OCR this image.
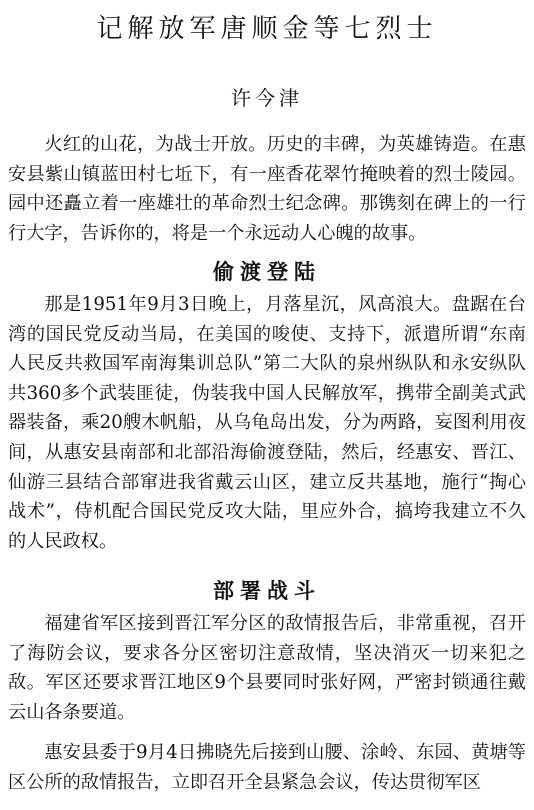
记解放军唐顺金等七烈士

许今津

火红的山花，为战士开放。历史的丰碑，为英雄铸造。在惠安县紫山镇蓝田村七坵下，有一座香花翠竹掩映着的烈士陵园。园中还矗立着一座雄壮的革命烈士纪念碑。那镌刻在碑上的一行行大字，告诉你的，将是一个永远动人心魄的故事。

偷渡登陆

那是1951年9月3日晚上，月落星沉，风高浪大。盘踞在台湾的国民党反动当局，在美国的唆使、支持下，派遣所谓“东南人民反共救国军南海集训总队”第二大队的泉州纵队和永安纵队共360多个武装匪徒，伪装我中国人民解放军，携带全副美式武器装备，乘20艘木帆船，从乌龟岛出发，分为两路，妄图利用夜间，从惠安县南部和北部沿海偷渡登陆，然后，经惠安、晋江、仙游三县结合部窜进我省戴云山区，建立反共基地，施行“掏心战术”，侍机配合国民党反攻大陆，里应外合，搞垮我建立不久的人民政权。

部署战斗

福建省军区接到晋江军分区的敌情报告后，非常重视，召开了海防会议，要求各分区密切注意敌情，坚决消灭一切来犯之敌。军区还要求晋江地区9个县要同时张好网，严密封锁通往戴云山各条要道。

惠安县委于9月4日拂晓先后接到山腰、涂岭、东园、黄塘等区公所的敌情报告，立即召开全县紧急会议，传达贯彻军区
